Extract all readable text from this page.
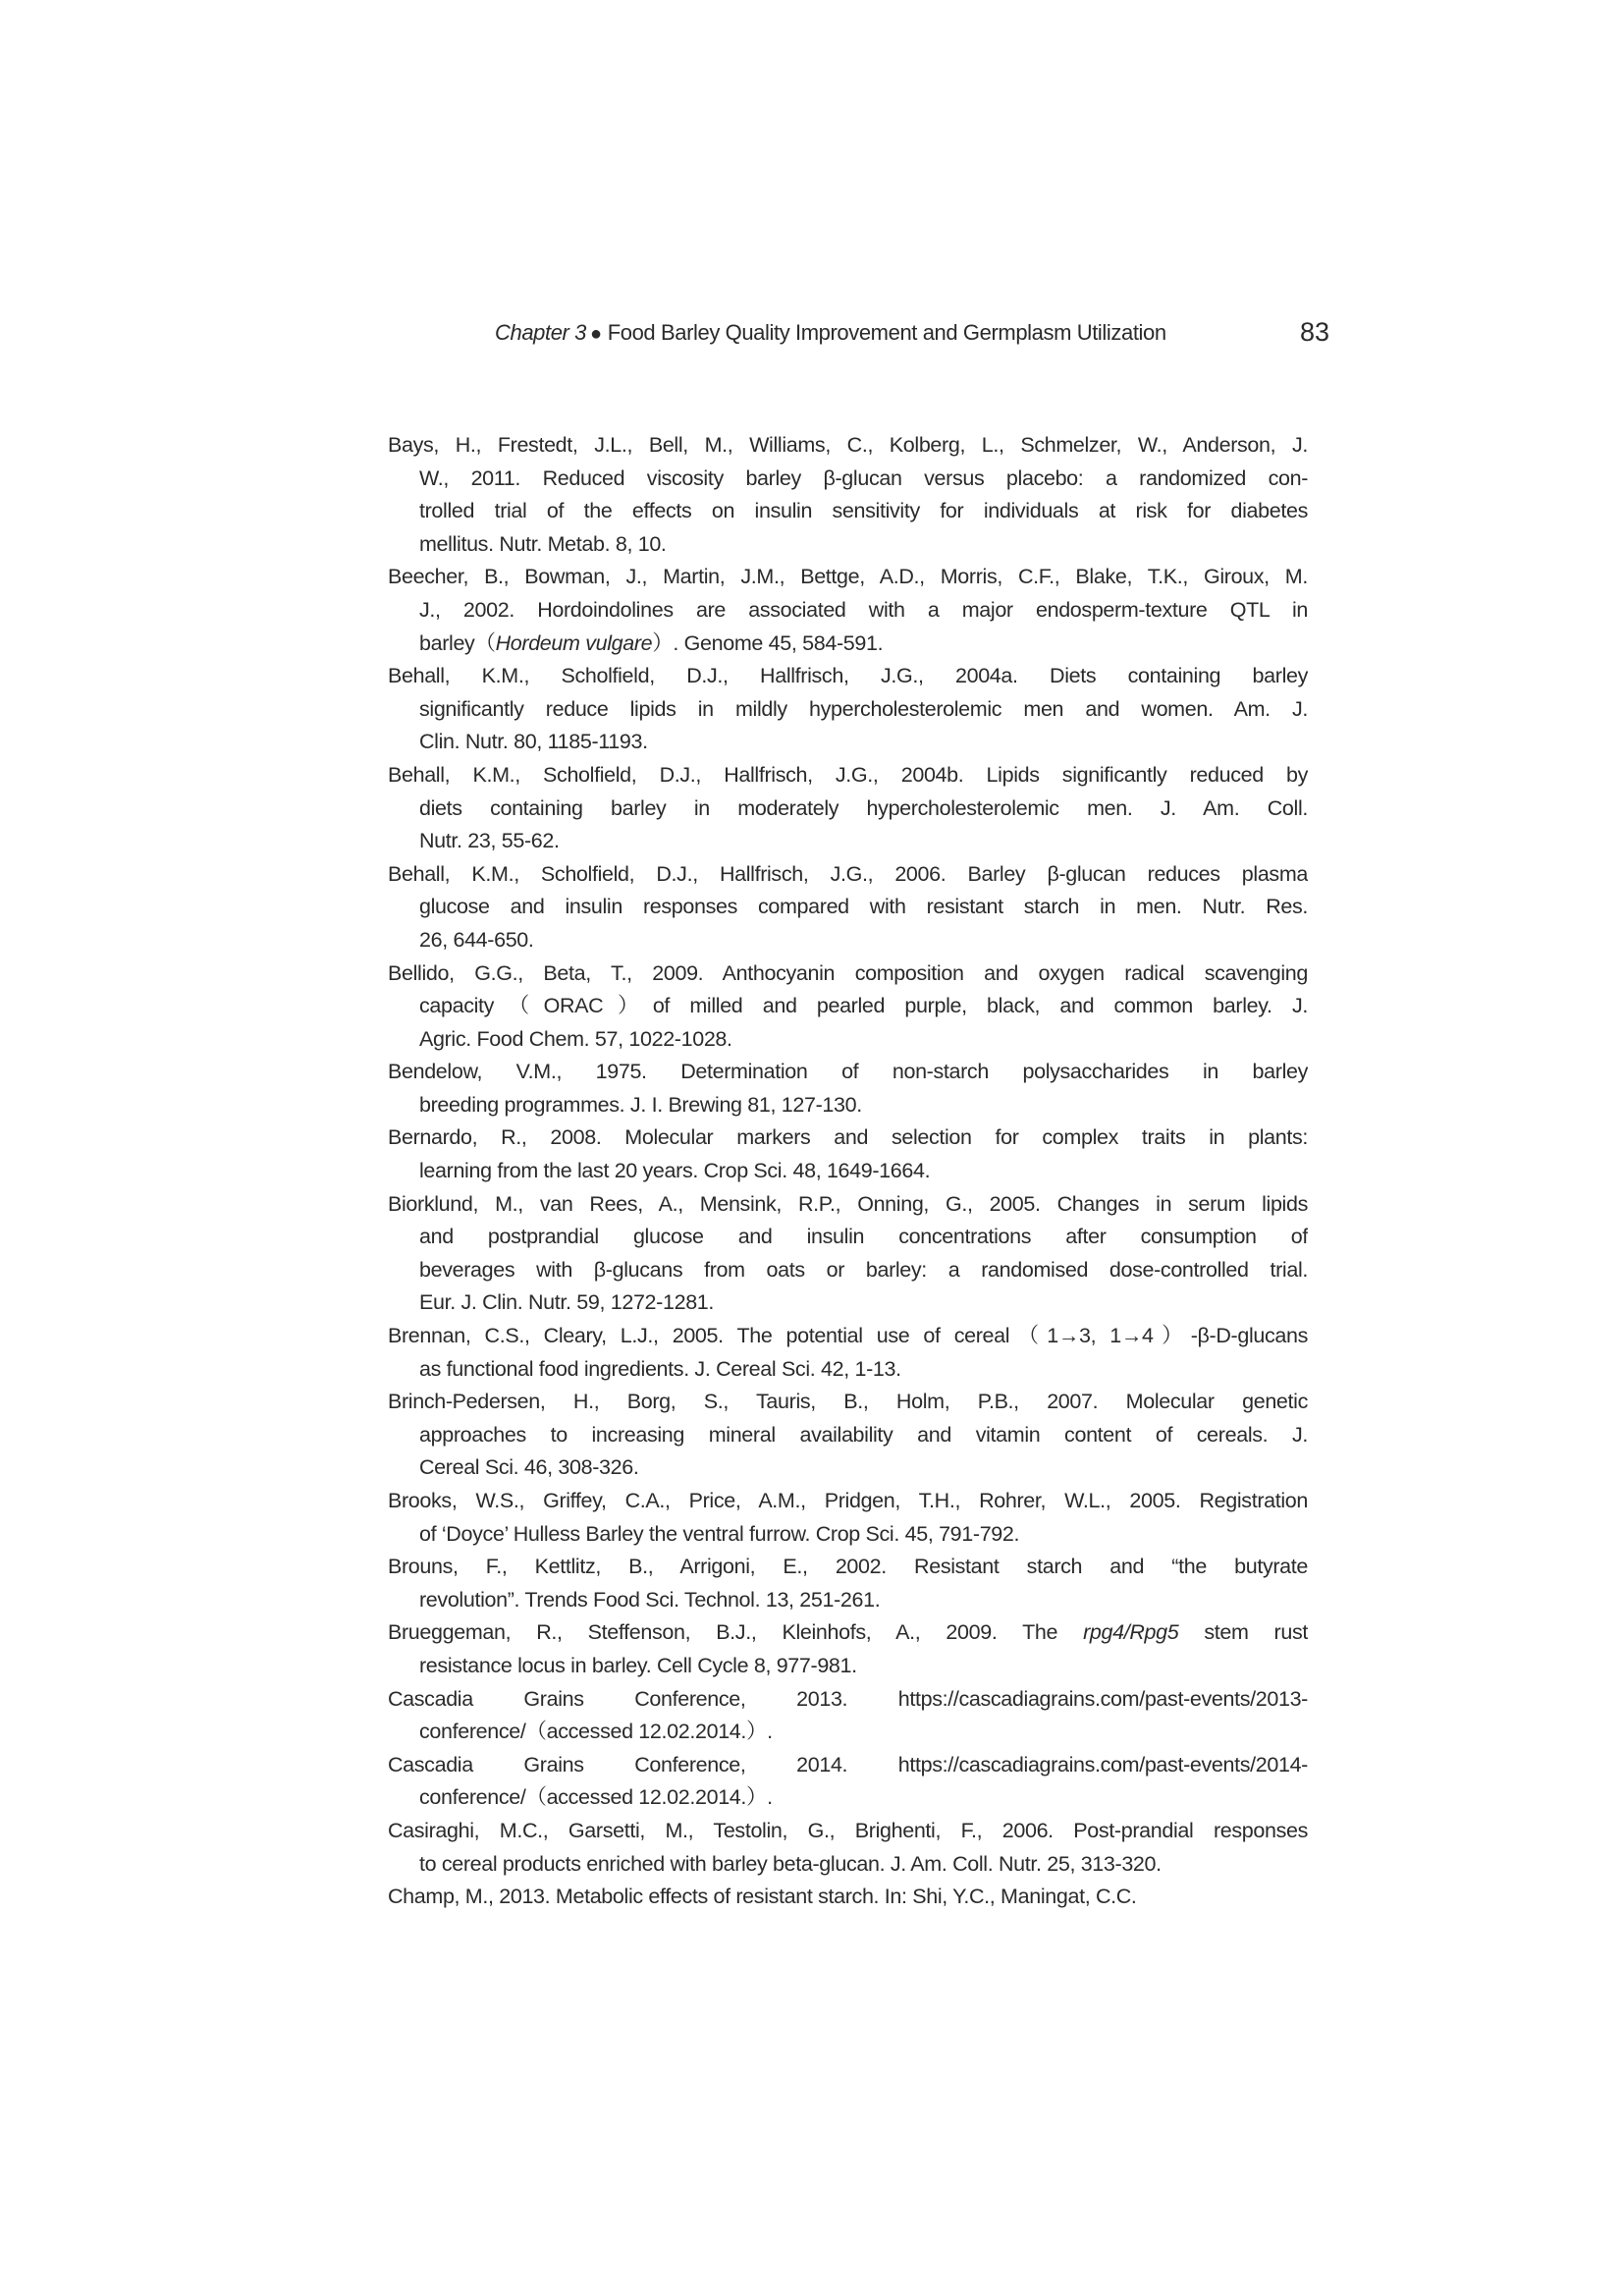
Chapter 3 ● Food Barley Quality Improvement and Germplasm Utilization	83
Bays, H., Frestedt, J.L., Bell, M., Williams, C., Kolberg, L., Schmelzer, W., Anderson, J.
W., 2011. Reduced viscosity barley β-glucan versus placebo: a randomized con-
trolled trial of the effects on insulin sensitivity for individuals at risk for diabetes
mellitus. Nutr. Metab. 8, 10.
Beecher, B., Bowman, J., Martin, J.M., Bettge, A.D., Morris, C.F., Blake, T.K., Giroux, M.
J., 2002. Hordoindolines are associated with a major endosperm-texture QTL in
barley（Hordeum vulgare）. Genome 45, 584-591.
Behall, K.M., Scholfield, D.J., Hallfrisch, J.G., 2004a. Diets containing barley
significantly reduce lipids in mildly hypercholesterolemic men and women. Am. J.
Clin. Nutr. 80, 1185-1193.
Behall, K.M., Scholfield, D.J., Hallfrisch, J.G., 2004b. Lipids significantly reduced by
diets containing barley in moderately hypercholesterolemic men. J. Am. Coll.
Nutr. 23, 55-62.
Behall, K.M., Scholfield, D.J., Hallfrisch, J.G., 2006. Barley β-glucan reduces plasma
glucose and insulin responses compared with resistant starch in men. Nutr. Res.
26, 644-650.
Bellido, G.G., Beta, T., 2009. Anthocyanin composition and oxygen radical scavenging
capacity（ORAC）of milled and pearled purple, black, and common barley. J.
Agric. Food Chem. 57, 1022-1028.
Bendelow, V.M., 1975. Determination of non-starch polysaccharides in barley
breeding programmes. J. I. Brewing 81, 127-130.
Bernardo, R., 2008. Molecular markers and selection for complex traits in plants:
learning from the last 20 years. Crop Sci. 48, 1649-1664.
Biorklund, M., van Rees, A., Mensink, R.P., Onning, G., 2005. Changes in serum lipids
and postprandial glucose and insulin concentrations after consumption of
beverages with β-glucans from oats or barley: a randomised dose-controlled trial.
Eur. J. Clin. Nutr. 59, 1272-1281.
Brennan, C.S., Cleary, L.J., 2005. The potential use of cereal（1→3, 1→4）-β-D-glucans
as functional food ingredients. J. Cereal Sci. 42, 1-13.
Brinch-Pedersen, H., Borg, S., Tauris, B., Holm, P.B., 2007. Molecular genetic
approaches to increasing mineral availability and vitamin content of cereals. J.
Cereal Sci. 46, 308-326.
Brooks, W.S., Griffey, C.A., Price, A.M., Pridgen, T.H., Rohrer, W.L., 2005. Registration
of ‘Doyce’ Hulless Barley the ventral furrow. Crop Sci. 45, 791-792.
Brouns, F., Kettlitz, B., Arrigoni, E., 2002. Resistant starch and “the butyrate
revolution”. Trends Food Sci. Technol. 13, 251-261.
Brueggeman, R., Steffenson, B.J., Kleinhofs, A., 2009. The rpg4/Rpg5 stem rust
resistance locus in barley. Cell Cycle 8, 977-981.
Cascadia Grains Conference, 2013. https://cascadiagrains.com/past-events/2013-
conference/（accessed 12.02.2014.）.
Cascadia Grains Conference, 2014. https://cascadiagrains.com/past-events/2014-
conference/（accessed 12.02.2014.）.
Casiraghi, M.C., Garsetti, M., Testolin, G., Brighenti, F., 2006. Post-prandial responses
to cereal products enriched with barley beta-glucan. J. Am. Coll. Nutr. 25, 313-320.
Champ, M., 2013. Metabolic effects of resistant starch. In: Shi, Y.C., Maningat, C.C.
